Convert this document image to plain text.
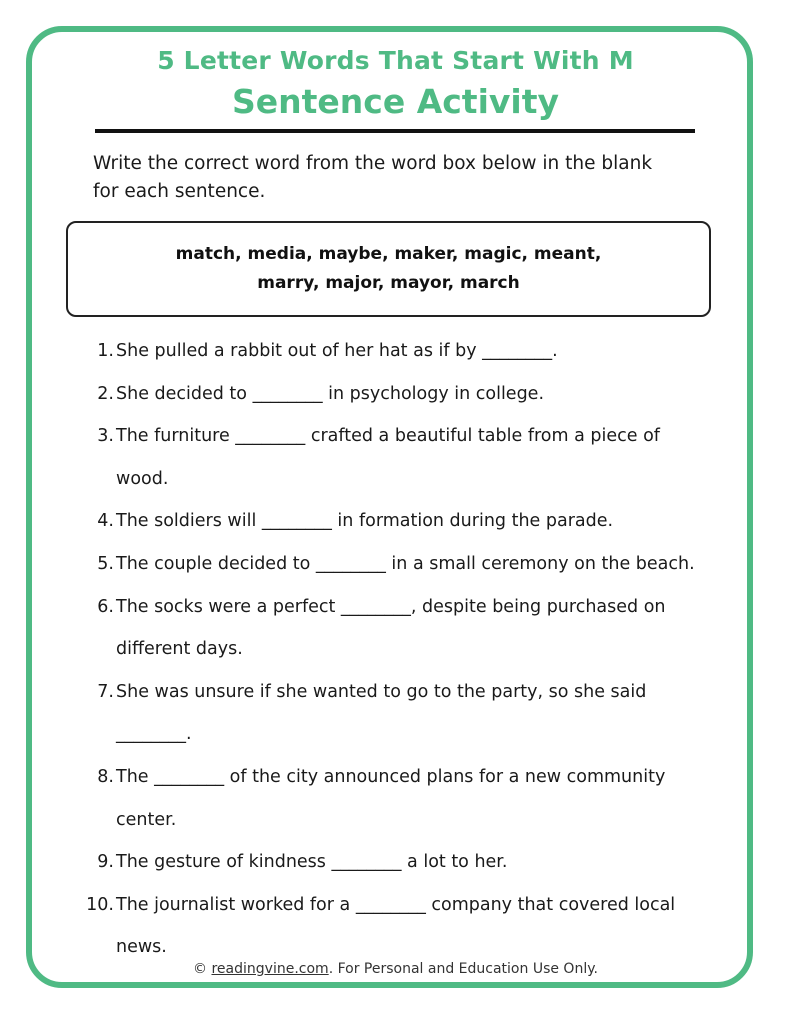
5 Letter Words That Start With M
Sentence Activity
Write the correct word from the word box below in the blank
for each sentence.
match, media, maybe, maker, magic, meant,
marry, major, mayor, march
1. She pulled a rabbit out of her hat as if by ________.
2. She decided to ________ in psychology in college.
3. The furniture ________ crafted a beautiful table from a piece of
wood.
4. The soldiers will ________ in formation during the parade.
5. The couple decided to ________ in a small ceremony on the beach.
6. The socks were a perfect ________, despite being purchased on
different days.
7. She was unsure if she wanted to go to the party, so she said
________.
8. The ________ of the city announced plans for a new community
center.
9. The gesture of kindness ________ a lot to her.
10. The journalist worked for a ________ company that covered local
news.
© readingvine.com. For Personal and Education Use Only.
